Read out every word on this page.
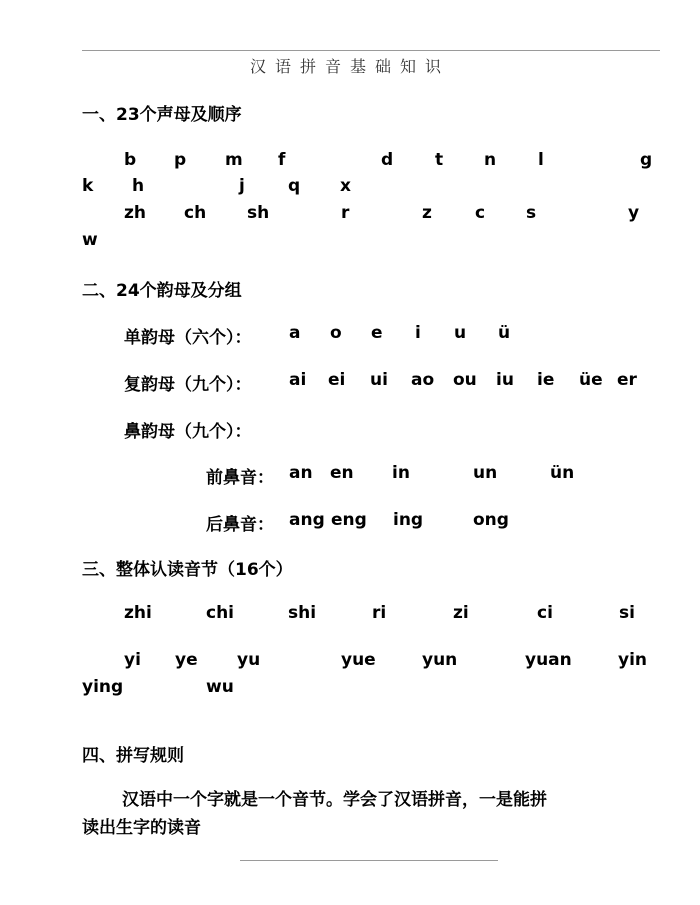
汉语拼音基础知识
一、23个声母及顺序
b p m f	d t n l	g
k h	j	q x
zh ch sh	r	z	c s	y
w
二、24个韵母及分组
单韵母（六个）： a o e i u ü
复韵母（九个）： ai ei ui ao ou iu ie üe er
鼻韵母（九个）：
前鼻音： an en in	un	ün
后鼻音： ang eng ing	ong
三、整体认读音节（16个）
zhi	chi	shi	ri	zi	ci	si
yi ye yu	yue	yun	yuan	yin
ying	wu
四、拼写规则
汉语中一个字就是一个音节。学会了汉语拼音，一是能拼
读出生字的读音
